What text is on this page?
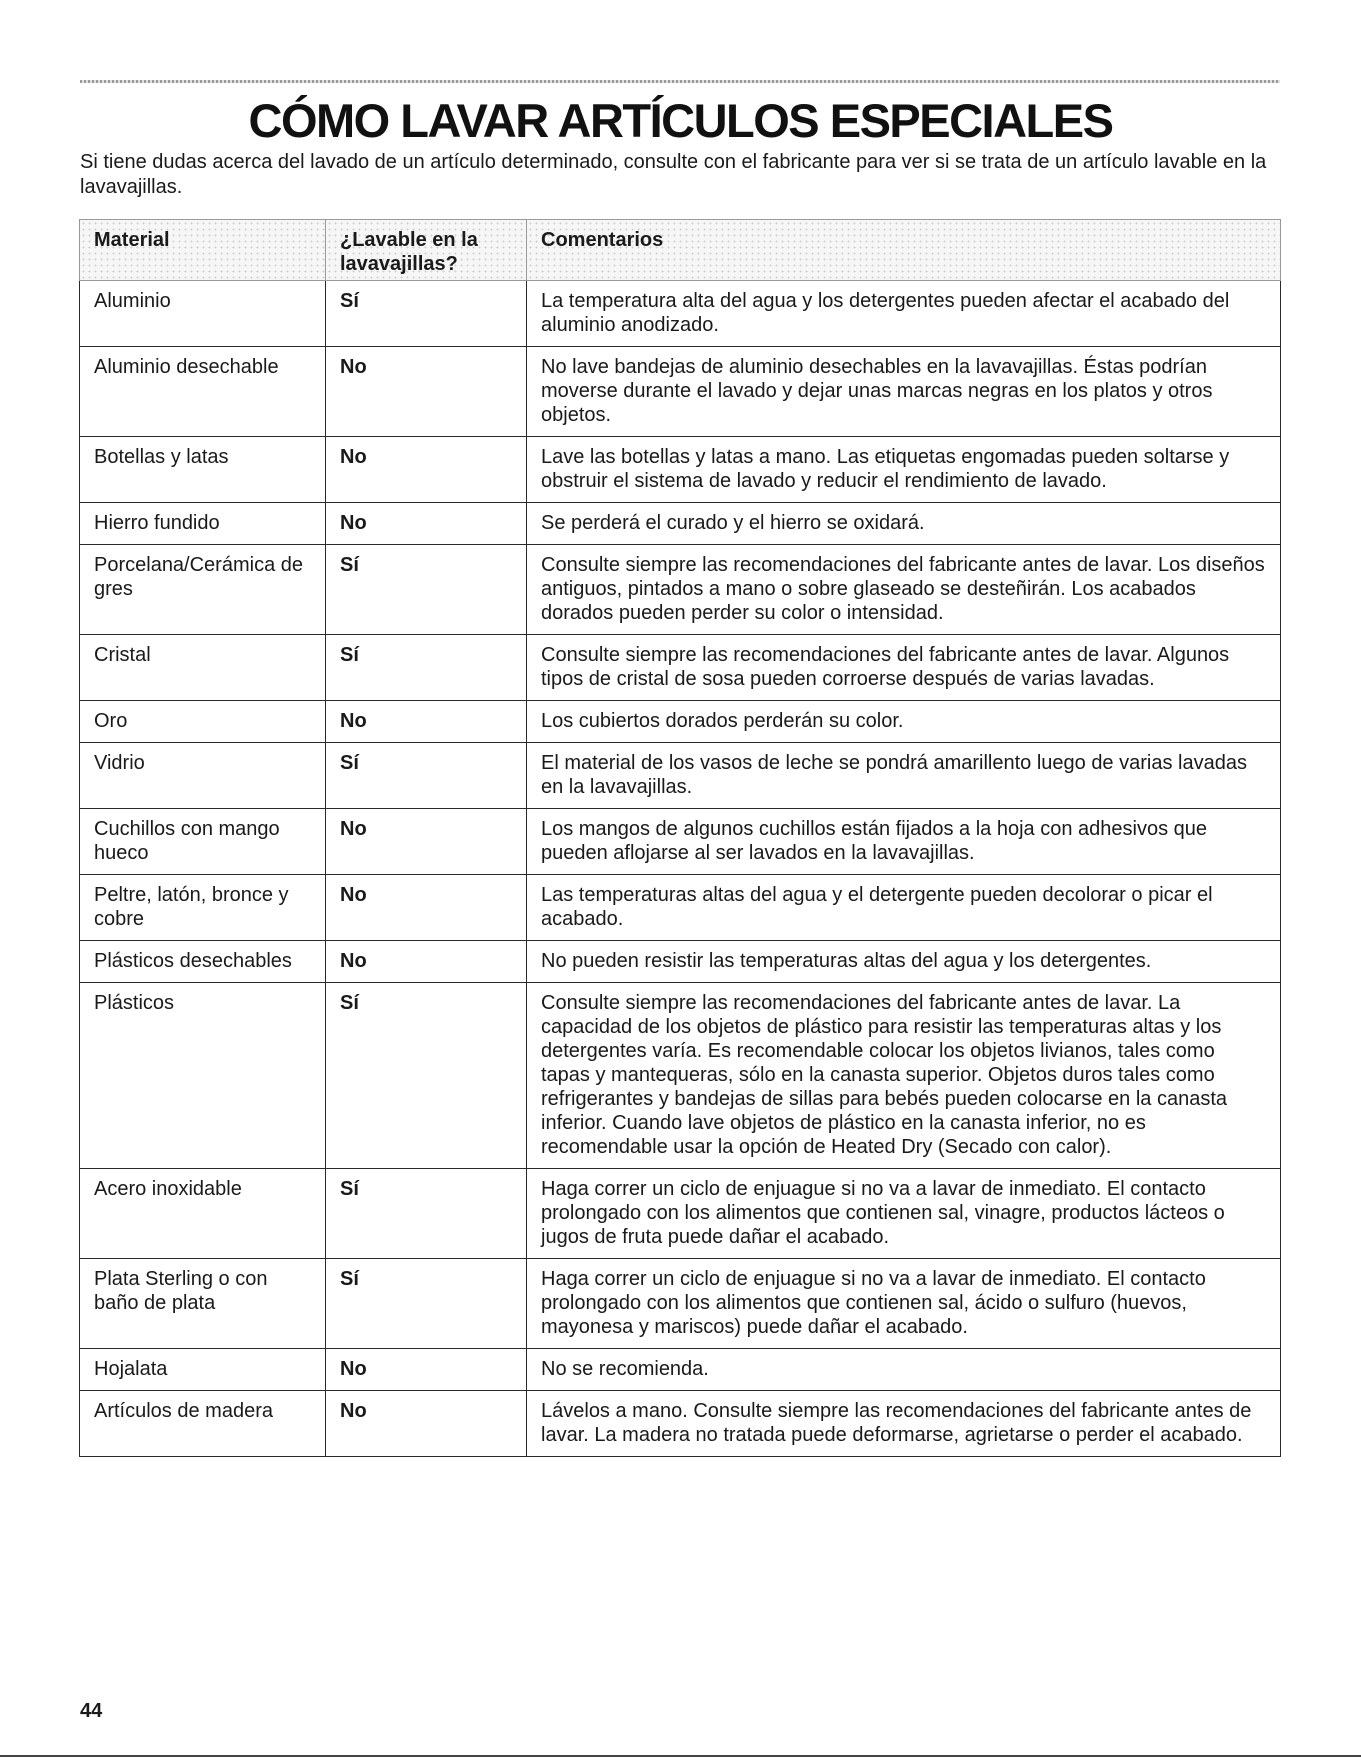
CÓMO LAVAR ARTÍCULOS ESPECIALES

Si tiene dudas acerca del lavado de un artículo determinado, consulte con el fabricante para ver si se trata de un artículo lavable en la lavavajillas.

Material	¿Lavable en la lavavajillas?	Comentarios
Aluminio	Sí	La temperatura alta del agua y los detergentes pueden afectar el acabado del aluminio anodizado.
Aluminio desechable	No	No lave bandejas de aluminio desechables en la lavavajillas. Éstas podrían moverse durante el lavado y dejar unas marcas negras en los platos y otros objetos.
Botellas y latas	No	Lave las botellas y latas a mano. Las etiquetas engomadas pueden soltarse y obstruir el sistema de lavado y reducir el rendimiento de lavado.
Hierro fundido	No	Se perderá el curado y el hierro se oxidará.
Porcelana/Cerámica de gres	Sí	Consulte siempre las recomendaciones del fabricante antes de lavar. Los diseños antiguos, pintados a mano o sobre glaseado se desteñirán. Los acabados dorados pueden perder su color o intensidad.
Cristal	Sí	Consulte siempre las recomendaciones del fabricante antes de lavar. Algunos tipos de cristal de sosa pueden corroerse después de varias lavadas.
Oro	No	Los cubiertos dorados perderán su color.
Vidrio	Sí	El material de los vasos de leche se pondrá amarillento luego de varias lavadas en la lavavajillas.
Cuchillos con mango hueco	No	Los mangos de algunos cuchillos están fijados a la hoja con adhesivos que pueden aflojarse al ser lavados en la lavavajillas.
Peltre, latón, bronce y cobre	No	Las temperaturas altas del agua y el detergente pueden decolorar o picar el acabado.
Plásticos desechables	No	No pueden resistir las temperaturas altas del agua y los detergentes.
Plásticos	Sí	Consulte siempre las recomendaciones del fabricante antes de lavar. La capacidad de los objetos de plástico para resistir las temperaturas altas y los detergentes varía. Es recomendable colocar los objetos livianos, tales como tapas y mantequeras, sólo en la canasta superior. Objetos duros tales como refrigerantes y bandejas de sillas para bebés pueden colocarse en la canasta inferior. Cuando lave objetos de plástico en la canasta inferior, no es recomendable usar la opción de Heated Dry (Secado con calor).
Acero inoxidable	Sí	Haga correr un ciclo de enjuague si no va a lavar de inmediato. El contacto prolongado con los alimentos que contienen sal, vinagre, productos lácteos o jugos de fruta puede dañar el acabado.
Plata Sterling o con baño de plata	Sí	Haga correr un ciclo de enjuague si no va a lavar de inmediato. El contacto prolongado con los alimentos que contienen sal, ácido o sulfuro (huevos, mayonesa y mariscos) puede dañar el acabado.
Hojalata	No	No se recomienda.
Artículos de madera	No	Lávelos a mano. Consulte siempre las recomendaciones del fabricante antes de lavar. La madera no tratada puede deformarse, agrietarse o perder el acabado.
44
